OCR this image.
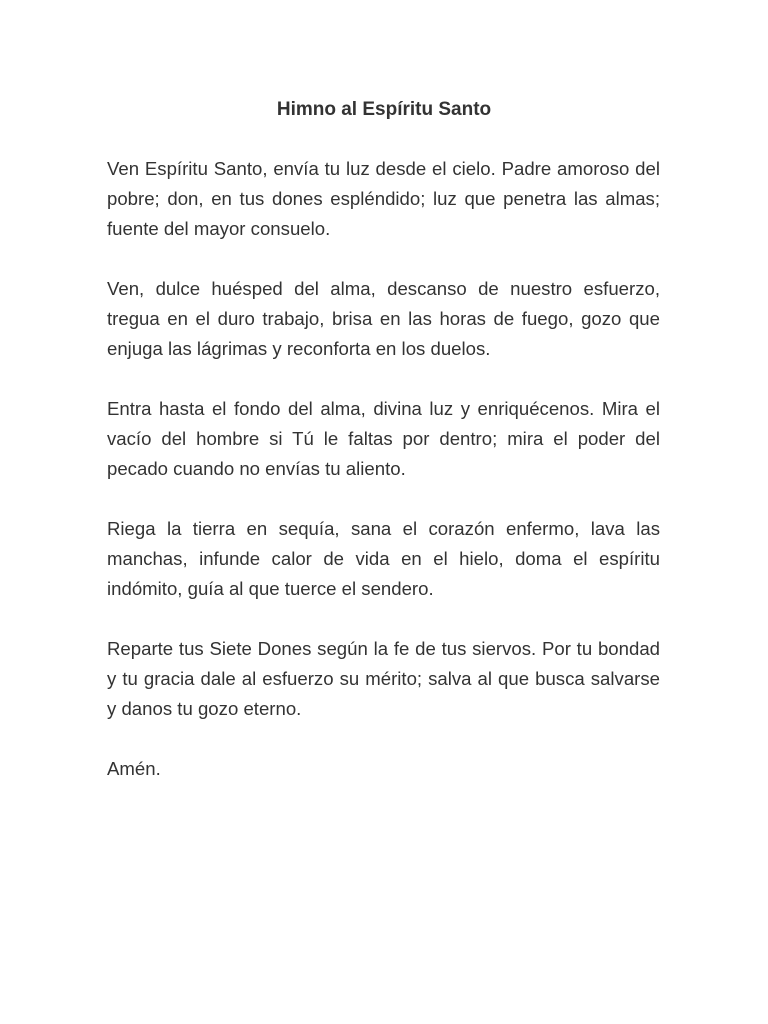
Himno al Espíritu Santo

Ven Espíritu Santo, envía tu luz desde el cielo. Padre amoroso del pobre; don, en tus dones espléndido; luz que penetra las almas; fuente del mayor consuelo.

Ven, dulce huésped del alma, descanso de nuestro esfuerzo, tregua en el duro trabajo, brisa en las horas de fuego, gozo que enjuga las lágrimas y reconforta en los duelos.

Entra hasta el fondo del alma, divina luz y enriquécenos. Mira el vacío del hombre si Tú le faltas por dentro; mira el poder del pecado cuando no envías tu aliento.

Riega la tierra en sequía, sana el corazón enfermo, lava las manchas, infunde calor de vida en el hielo, doma el espíritu indómito, guía al que tuerce el sendero.

Reparte tus Siete Dones según la fe de tus siervos. Por tu bondad y tu gracia dale al esfuerzo su mérito; salva al que busca salvarse y danos tu gozo eterno.

Amén.
